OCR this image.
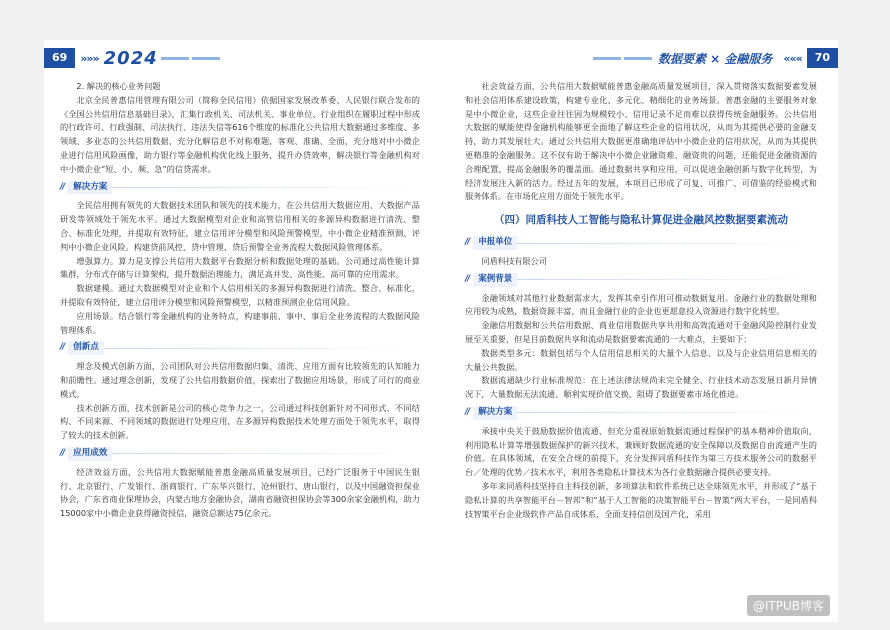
69	»»» 2024

2. 解决的核心业务问题

北京全民普惠信用管理有限公司（简称全民信用）依据国家发展改革委、人民银行联合发布的《全国公共信用信息基础目录》，汇集行政机关、司法机关、事业单位、行业组织在履职过程中形成的行政许可、行政强制、司法执行、违法失信等616个维度的标准化公共信用大数据通过多维度、多领域、多业态的公共信用数据，充分化解信息不对称难题，客观、准确、全面，充分地对中小微企业进行信用风险画像，助力银行等金融机构优化线上服务，提升办贷效率，解决银行等金融机构对中小微企业“短、小、频、急”的信贷需求。

//	解决方案

全民信用拥有领先的大数据技术团队和领先的技术能力，在公共信用大数据应用、大数据产品研发等领域处于领先水平。通过大数据模型对企业和高管信用相关的多源异构数据进行清洗、整合、标准化处理，并提取有效特征，建立信用评分模型和风险预警模型，中小微企业精准预测、评判中小微企业风险。构建贷前风控、贷中管理、贷后预警全业务流程大数据风险管理体系。

增强算力。算力是支撑公共信用大数据平台数据分析和数据处理的基础。公司通过高性能计算集群，分布式存储与计算架构，提升数据治理能力，满足高并发、高性能、高可靠的应用需求。

数据建模。通过大数据模型对企业和个人信用相关的多源异构数据进行清洗、整合、标准化，并提取有效特征，建立信用评分模型和风险预警模型，以精准预测企业信用风险。

应用场景。结合银行等金融机构的业务特点，构建事前、事中、事后全业务流程的大数据风险管理体系。

//	创新点

理念及模式创新方面，公司团队对公共信用数据归集、清洗、应用方面有比较领先的认知能力和前瞻性。通过理念创新，发现了公共信用数据价值，探索出了数据应用场景，形成了可行的商业模式。

技术创新方面，技术创新是公司的核心竞争力之一，公司通过科技创新针对不同形式、不同结构、不同来源、不同领域的数据进行处理应用，在多源异构数据技术处理方面处于领先水平，取得了较大的技术创新。

//	应用成效

经济效益方面，公共信用大数据赋能普惠金融高质量发展项目，已经广泛服务于中国民生银行、北京银行、广发银行、浙商银行、广东华兴银行、沧州银行、唐山银行，以及中国融资担保业协会，广东省商业保理协会，内蒙古地方金融协会，湖南省融资担保协会等300余家金融机构，助力15000家中小微企业获得融资授信，融资总额达75亿余元。

数据要素 × 金融服务 «««	70

社会效益方面，公共信用大数据赋能普惠金融高质量发展项目，深入贯彻落实数据要素发展和社会信用体系建设政策，构建专业化、多元化、精细化的业务场景。普惠金融的主要服务对象是中小微企业，这些企业往往因为规模较小、信用记录不足而难以获得传统金融服务。公共信用大数据的赋能使得金融机构能够更全面地了解这些企业的信用状况，从而为其提供必要的金融支持，助力其发展壮大。通过公共信用大数据更准确地评估中小微企业的信用状况，从而为其提供更精准的金融服务。这不仅有助于解决中小微企业融资难、融资贵的问题，还能促进金融资源的合理配置，提高金融服务的覆盖面。通过数据共享和应用，可以促进金融创新与数字化转型，为经济发展注入新的活力。经过五年的发展，本项目已形成了可复、可推广、可借鉴的经验模式和服务体系。在市场化应用方面处于领先水平。

（四）同盾科技人工智能与隐私计算促进金融风控数据要素流动
//	申报单位

同盾科技有限公司

//	案例背景

金融领域对其他行业数据需求大，发挥其牵引作用可推动数据复用。金融行业的数据处理和应用较为成熟，数据资源丰富，而且金融行业的企业也更愿意投入资源进行数字化转型。

金融信用数据和公共信用数据、商业信用数据共享共用和高效流通对于金融风险控制行业发展至关重要，但是目前数据共享和流动是数据要素流通的一大难点，主要如下：

数据类型多元：数据包括与个人信用信息相关的大量个人信息、以及与企业信用信息相关的大量公共数据。

数据流通缺少行业标准规范：在上述法律法规尚未完全健全、行业技术动态发展日新月异情况下，大量数据无法流通、顺利实现价值交换，阻碍了数据要素市场化推进。

//	解决方案

承接中央关于鼓励数据价值流通、但充分重视原始数据流通过程保护的基本精神价值取向，利用隐私计算等增强数据保护的新兴技术，兼顾好数据流通的安全保障以及数据自由流通产生的价值。在具体领域，在安全合规的前提下，充分发挥同盾科技作为第三方技术服务公司的数据平台／处理的优势／技术水平，利用各类隐私计算技术为各行业数据融合提供必要支持。

多年来同盾科技坚持自主科技创新，多项算法和软件系统已达全球领先水平，并形成了“基于隐私计算的共享智能平台－智邦”和“基于人工智能的决策智能平台－智策”两大平台，一是同盾科技智策平台企业级软件产品自成体系，全面支持信创及国产化，采用

@ITPUB博客
